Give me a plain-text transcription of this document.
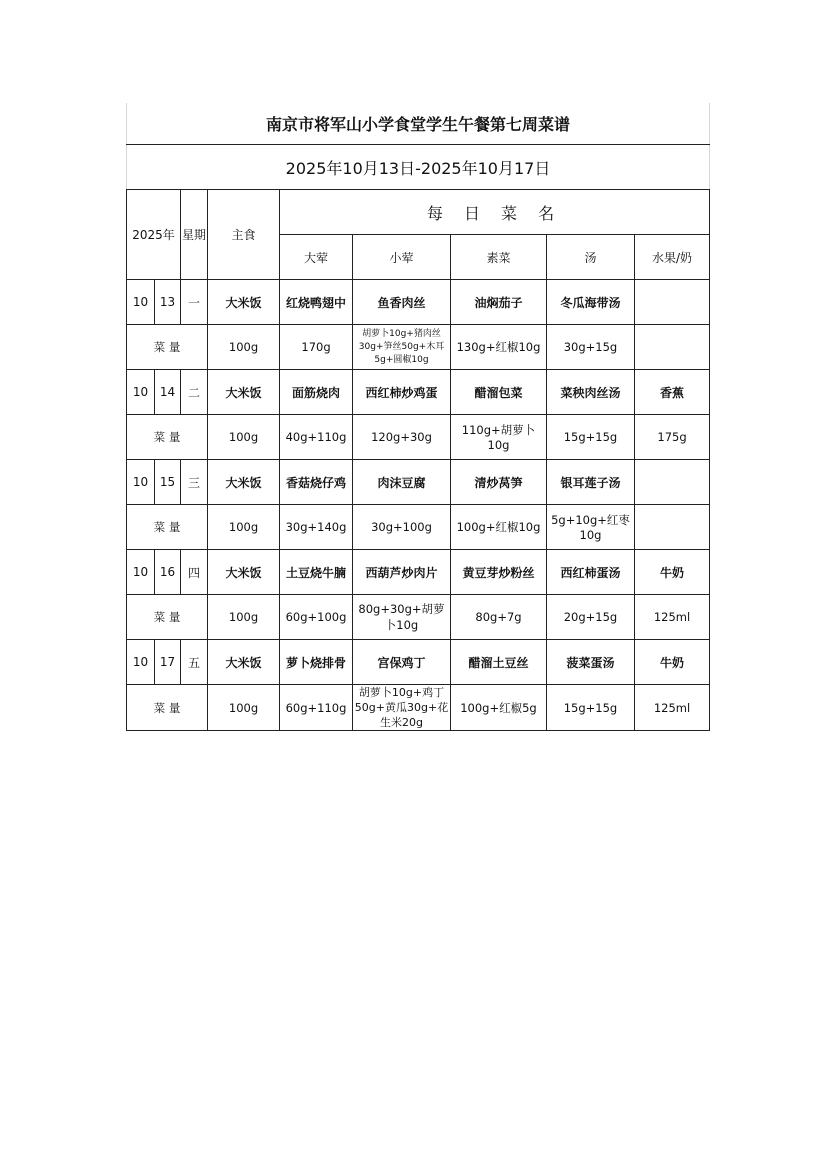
南京市将军山小学食堂学生午餐第七周菜谱								
2025年10月13日-2025年10月17日								
2025年		星期	主食	每 日 菜 名				
				大荤	小荤	素菜	汤	水果/奶
10	13	一	大米饭	红烧鸭翅中	鱼香肉丝	油焖茄子	冬瓜海带汤	
菜 量			100g	170g	胡萝卜10g+猪肉丝30g+笋丝50g+木耳5g+圆椒10g	130g+红椒10g	30g+15g	
10	14	二	大米饭	面筋烧肉	西红柿炒鸡蛋	醋溜包菜	菜秧肉丝汤	香蕉
菜 量			100g	40g+110g	120g+30g	110g+胡萝卜10g	15g+15g	175g
10	15	三	大米饭	香菇烧仔鸡	肉沫豆腐	清炒莴笋	银耳莲子汤	
菜 量			100g	30g+140g	30g+100g	100g+红椒10g	5g+10g+红枣10g	
10	16	四	大米饭	土豆烧牛腩	西葫芦炒肉片	黄豆芽炒粉丝	西红柿蛋汤	牛奶
菜 量			100g	60g+100g	80g+30g+胡萝卜10g	80g+7g	20g+15g	125ml
10	17	五	大米饭	萝卜烧排骨	宫保鸡丁	醋溜土豆丝	菠菜蛋汤	牛奶
菜 量			100g	60g+110g	胡萝卜10g+鸡丁50g+黄瓜30g+花生米20g	100g+红椒5g	15g+15g	125ml
